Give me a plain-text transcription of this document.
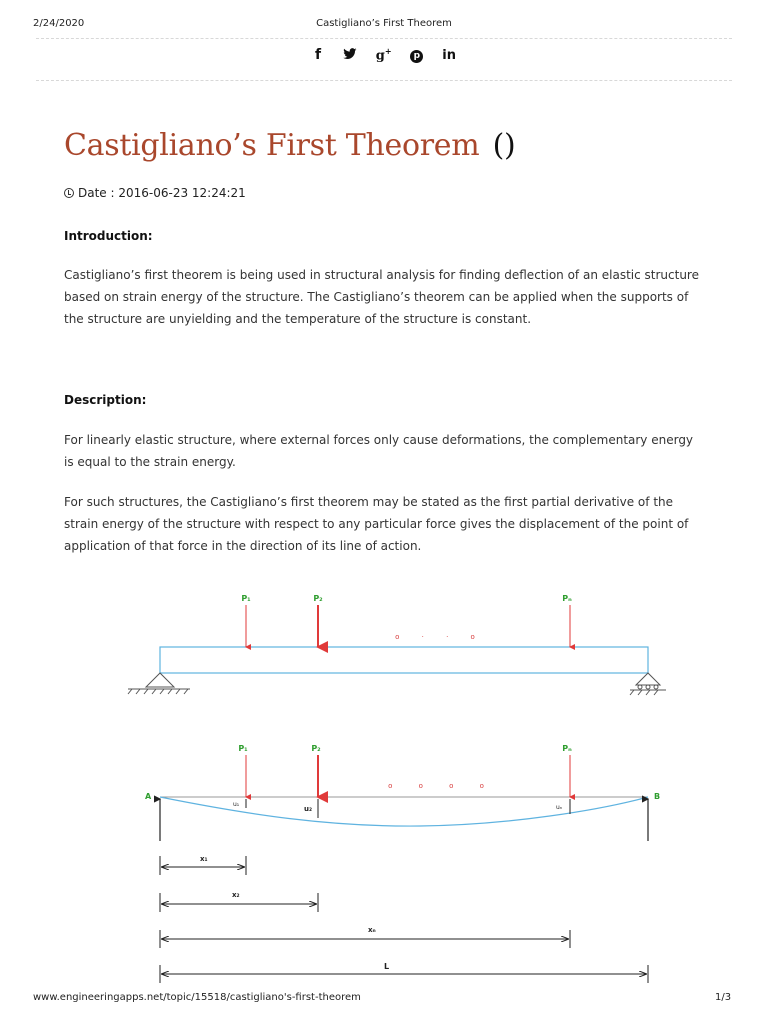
2/24/2020	Castigliano’s First Theorem
f	g+ p in
Castigliano’s First Theorem ()
Date : 2016-06-23 12:24:21
Introduction:

Castigliano’s first theorem is being used in structural analysis for finding deflection of an elastic structure based on strain energy of the structure. The Castigliano’s theorem can be applied when the supports of the structure are unyielding and the temperature of the structure is constant.

Description:

For linearly elastic structure, where external forces only cause deformations, the complementary energy is equal to the strain energy.

For such structures, the Castigliano’s first theorem may be stated as the first partial derivative of the strain energy of the structure with respect to any particular force gives the displacement of the point of application of that force in the direction of its line of action.

P₁	P₂	Pₙ
o · · o
A	B
P₁	P₂	Pₙ
o o o o
u₁
u₂	uₙ
x₁
x₂
xₙ
L
www.engineeringapps.net/topic/15518/castigliano's-first-theorem	1/3
